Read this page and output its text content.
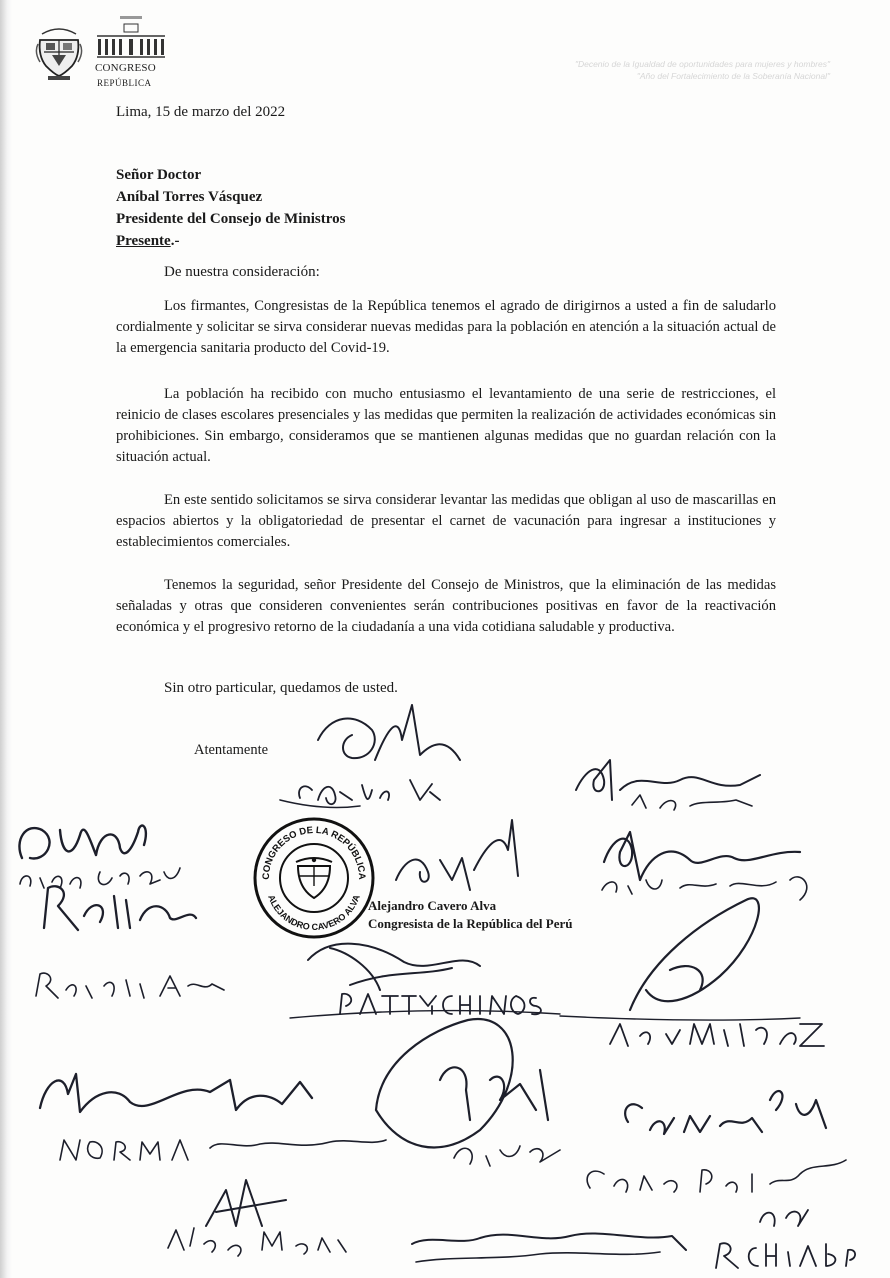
CONGRESO
REPÚBLICA
"Decenio de la Igualdad de oportunidades para mujeres y hombres"
"Año del Fortalecimiento de la Soberanía Nacional"
Lima, 15 de marzo del 2022
Señor Doctor
Aníbal Torres Vásquez
Presidente del Consejo de Ministros
Presente.-
De nuestra consideración:
Los firmantes, Congresistas de la República tenemos el agrado de dirigirnos a usted a fin de saludarlo cordialmente y solicitar se sirva considerar nuevas medidas para la población en atención a la situación actual de la emergencia sanitaria producto del Covid-19.
La población ha recibido con mucho entusiasmo el levantamiento de una serie de restricciones, el reinicio de clases escolares presenciales y las medidas que permiten la realización de actividades económicas sin prohibiciones. Sin embargo, consideramos que se mantienen algunas medidas que no guardan relación con la situación actual.
En este sentido solicitamos se sirva considerar levantar las medidas que obligan al uso de mascarillas en espacios abiertos y la obligatoriedad de presentar el carnet de vacunación para ingresar a instituciones y establecimientos comerciales.
Tenemos la seguridad, señor Presidente del Consejo de Ministros, que la eliminación de las medidas señaladas y otras que consideren convenientes serán contribuciones positivas en favor de la reactivación económica y el progresivo retorno de la ciudadanía a una vida cotidiana saludable y productiva.
Sin otro particular, quedamos de usted.
Atentamente
CONGRESO DE LA REPÚBLICA
ALEJANDRO CAVERO ALVA Alejandro Cavero Alva
Congresista de la República del Perú
